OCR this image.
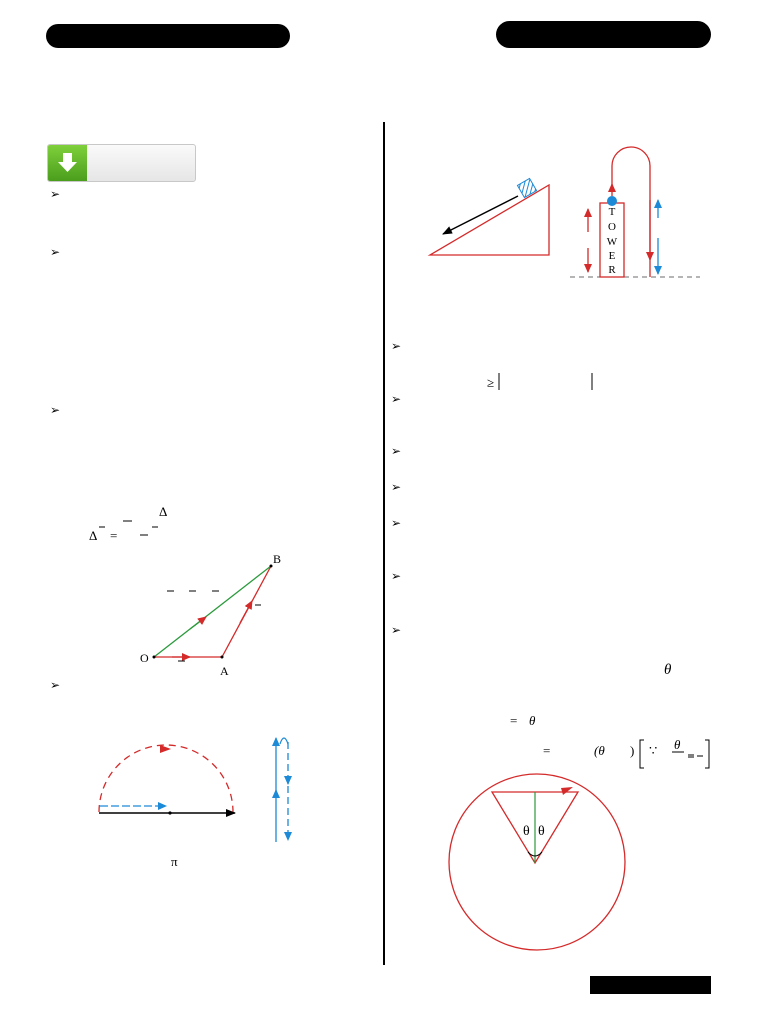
➢
➢
➢
➢
➢
➢
➢
➢
➢
➢
➢
T
O
W
E
R
O
A
B
θ θ
Δ
Δ =
π
≥
θ
= θ
=	(θ ) ∵ θ
